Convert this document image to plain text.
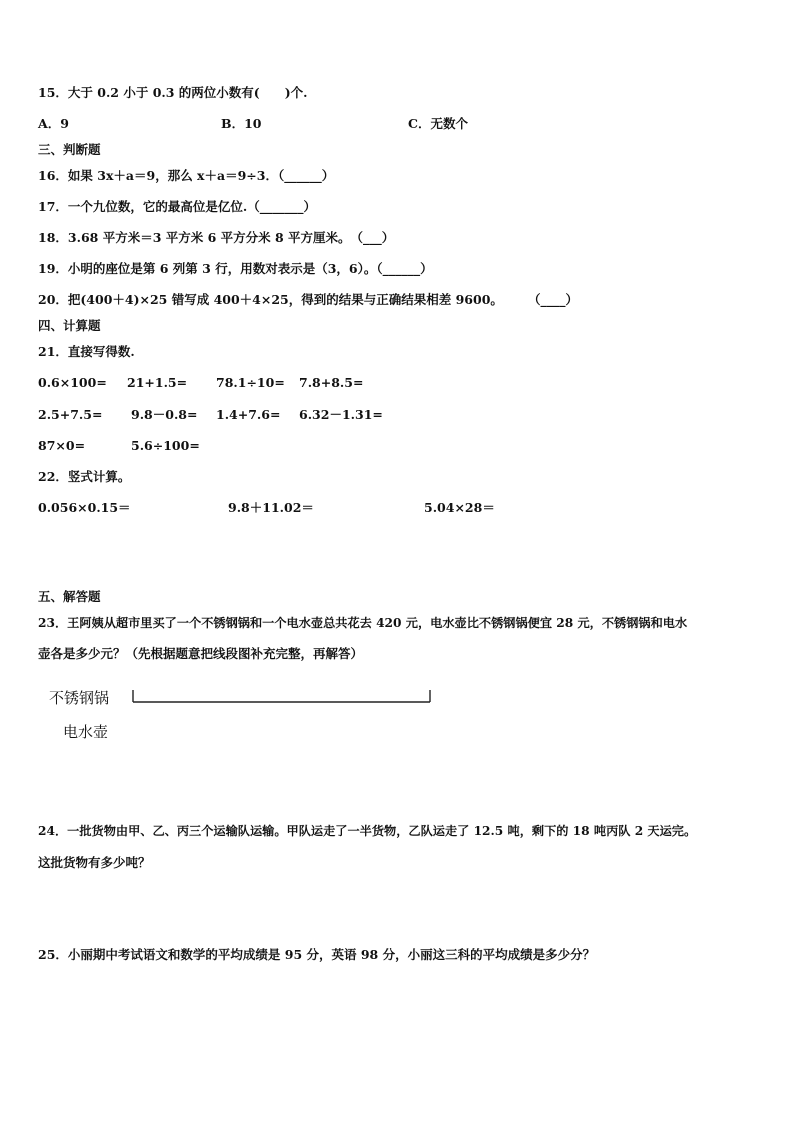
15．大于 0.2 小于 0.3 的两位小数有(　　)个.
A．9	B．10	C．无数个
三、判断题
16．如果 3x＋a＝9，那么 x＋a＝9÷3．（______）
17．一个九位数，它的最高位是亿位.（_______）
18．3.68 平方米＝3 平方米 6 平方分米 8 平方厘米。　（___）
19．小明的座位是第 6 列第 3 行，用数对表示是（3，6）。（______）
20．把(400＋4)×25 错写成 400＋4×25，得到的结果与正确结果相差 9600。 （____）
四、计算题
21．直接写得数.
0.6×100= 21+1.5= 78.1÷10= 7.8+8.5=
2.5+7.5= 9.8－0.8= 1.4+7.6= 6.32－1.31=
87×0=	5.6÷100=
22．竖式计算。
0.056×0.15＝	9.8＋11.02＝	5.04×28＝
五、解答题
23．王阿姨从超市里买了一个不锈钢锅和一个电水壶总共花去 420 元，电水壶比不锈钢锅便宜 28 元，不锈钢锅和电水
壶各是多少元？（先根据题意把线段图补充完整，再解答）
不锈钢锅
电水壶
24．一批货物由甲、乙、丙三个运输队运输。甲队运走了一半货物，乙队运走了 12.5 吨，剩下的 18 吨丙队 2 天运完。
这批货物有多少吨？
25．小丽期中考试语文和数学的平均成绩是 95 分，英语 98 分，小丽这三科的平均成绩是多少分？
